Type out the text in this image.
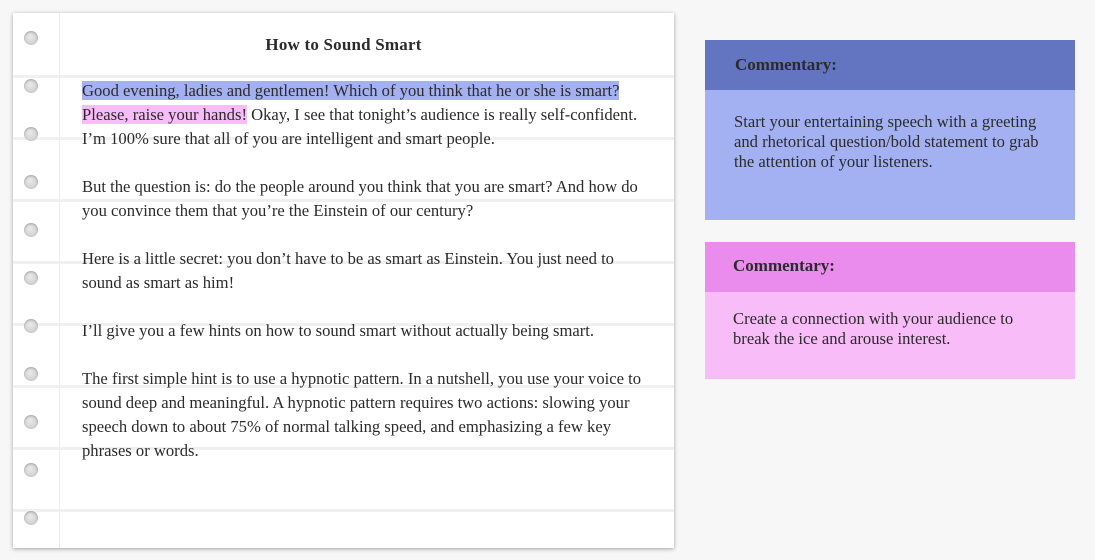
How to Sound Smart

Good evening, ladies and gentlemen! Which of you think that he or she is smart? Please, raise your hands! Okay, I see that tonight’s audience is really self-confident. I’m 100% sure that all of you are intelligent and smart people.

But the question is: do the people around you think that you are smart? And how do you convince them that you’re the Einstein of our century?

Here is a little secret: you don’t have to be as smart as Einstein. You just need to sound as smart as him!

I’ll give you a few hints on how to sound smart without actually being smart.

The first simple hint is to use a hypnotic pattern. In a nutshell, you use your voice to sound deep and meaningful. A hypnotic pattern requires two actions: slowing your speech down to about 75% of normal talking speed, and emphasizing a few key phrases or words.

Commentary:
Start your entertaining speech with a greeting and rhetorical question/bold statement to grab the attention of your listeners.
Commentary:
Create a connection with your audience to break the ice and arouse interest.
